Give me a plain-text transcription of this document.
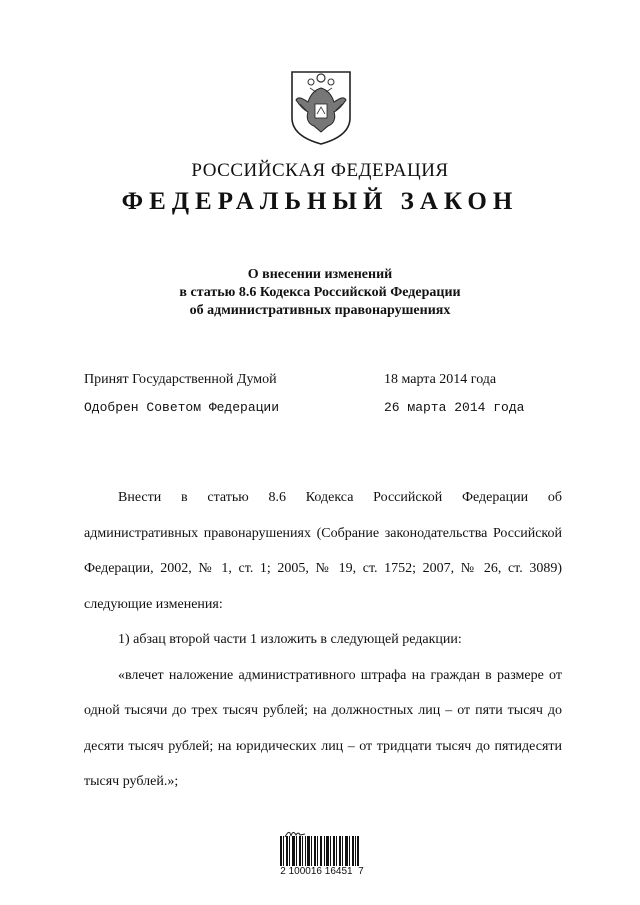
РОССИЙСКАЯ ФЕДЕРАЦИЯ
ФЕДЕРАЛЬНЫЙ ЗАКОН
О внесении изменений
в статью 8.6 Кодекса Российской Федерации
об административных правонарушениях
Принят Государственной Думой	18 марта 2014 года
Одобрен Советом Федерации	26 марта 2014 года

Внести в статью 8.6 Кодекса Российской Федерации об административных правонарушениях (Собрание законодательства Российской Федерации, 2002, № 1, ст. 1; 2005, № 19, ст. 1752; 2007, № 26, ст. 3089) следующие изменения:

1) абзац второй части 1 изложить в следующей редакции:

«влечет наложение административного штрафа на граждан в размере от одной тысячи до трех тысяч рублей; на должностных лиц – от пяти тысяч до десяти тысяч рублей; на юридических лиц – от тридцати тысяч до пятидесяти тысяч рублей.»;

2 100016 16451  7
